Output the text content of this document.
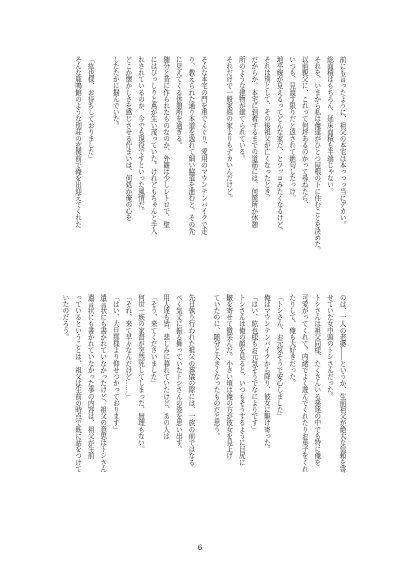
前にも言ったように、祖父の本宅は本っっっ当にデカい。
総面積はもちろん、延床面積も半端じゃない。
それを、いまから私は俺達がひとつ屋根の下に住むことを決めた。
以前親父に、これって何坪あるのかって尋ねたら、
いつも、見渡す限りだと返されて絶句したっけ。
地平線が見えるってどんな家だ、とツッコみたくなるけど、
それは別として、その後祖父が亡くなったとき、
だからか、本宅に到着するまでの道筋には、何箇所か休憩
所のような建物が建てられている。
それだけで一般家庭の家よりもデカいんだけど。

そんな本宅の門を車でくぐり、愛用のマウンテンバイクで走
り、教えられた通り本道を逸れて細い脇道を進むと、その先
に見えてくる休憩所を過ぎる。
随分と昔に作られたものなのか、外観は少しレトロで、壁
にはびっしりと蔦が生い茂っていた。けれどもちゃんと手入
れされているのか、今でも現役ですといった風情だ。
どこか懐かしさを感じさせる佇まいは、何処か俺の心を
したたかに掴んでいた。

「紘也様、お待ちしておりました」
そんな鹿鳴館のような別荘の玄関前で俺を出迎えてくれた
のは、一人の老婆――というか、生前祖父が絶大な信頼を寄
せていた女中頭のトシさんだった。
トシさんは祖父同様、たくさんいる孫達の中でも特に俺を
可愛がってくれて、内緒でよく遊んでくれたりお菓子をくれ
たりして、俺も大好きだった。
「トシさん、お元気そうで安心しました」
俺はマウンテンバイクから降り、彼女に駆け寄った。
「はい、紘也様もお元気そうでなによりです」
トシさんは俺の顔を見ると、いつもそうするように目尻に
皺を寄せて微笑んだ。小さい頃は俺の方が彼女を見上げ
ていたのに、随分と大きくなったものだと思う。

先日執り行われた祖父の葬儀の際には、一族の前ではなる
べく気丈に振る舞っていたトシさんの姿を思い出す。
用人達も皆、悲しみに暮れていたけど、あの人は
「そう、来てくださいました」
何世一族の家督が突然死してしまった、無理もない。
「それ、来て早々なんだけど……」
「はい、大旦那様より仰せつかっております」
遺言状にも書かれていなかったけど、祖父の意思はトシさん
遺言状にも書かれていなかった事の内容は、祖父が生前
っているということは、祖父は生前の時点で既に話をつけて
いたのだろう。
6
